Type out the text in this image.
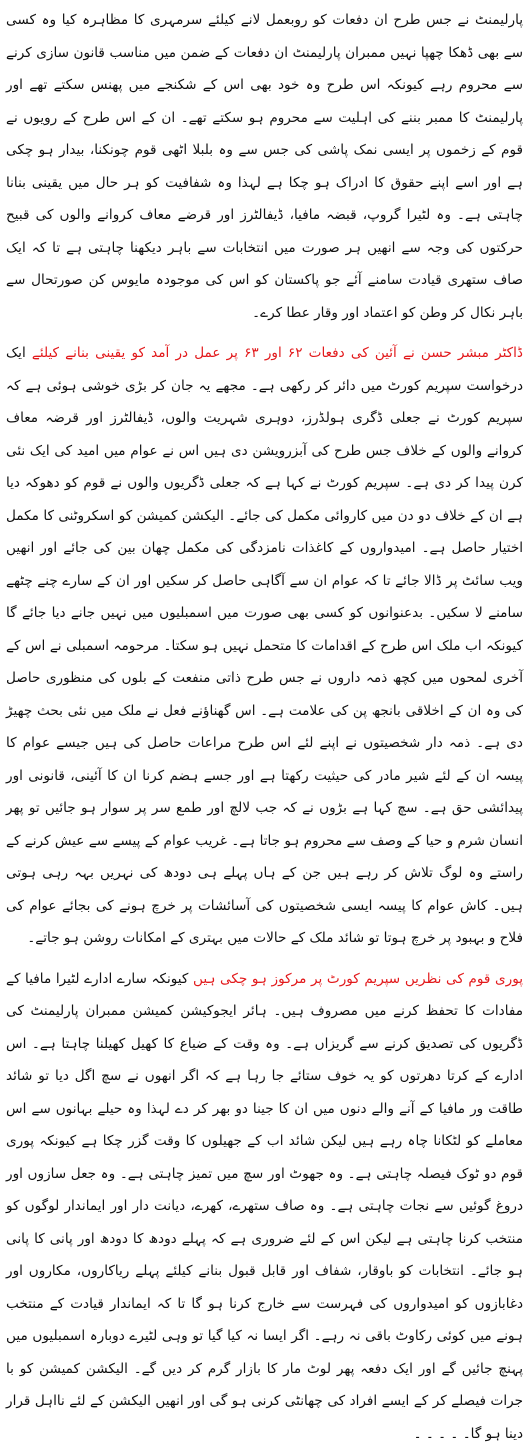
پارلیمنٹ نے جس طرح ان دفعات کو روبعمل لانے کیلئے سرمہری کا مظاہرہ کیا وہ کسی سے بھی ڈھکا چھپا نہیں ممبران پارلیمنٹ ان دفعات کے ضمن میں مناسب قانون سازی کرنے سے محروم رہے کیونکہ اس طرح وہ خود بھی اس کے شکنجے میں پھنس سکتے تھے اور پارلیمنٹ کا ممبر بننے کی اہلیت سے محروم ہو سکتے تھے۔ ان کے اس طرح کے رویوں نے قوم کے زخموں پر ایسی نمک پاشی کی جس سے وہ بلبلا اٹھی قوم چونکنا، بیدار ہو چکی ہے اور اسے اپنے حقوق کا ادراک ہو چکا ہے لہذا وہ شفافیت کو ہر حال میں یقینی بنانا چاہتی ہے۔ وہ لٹیرا گروپ، قبضہ مافیا، ڈیفالٹرز اور قرضے معاف کروانے والوں کی قبیح حرکتوں کی وجہ سے انھیں ہر صورت میں انتخابات سے باہر دیکھنا چاہتی ہے تا کہ ایک صاف ستھری قیادت سامنے آئے جو پاکستان کو اس کی موجودہ مایوس کن صورتحال سے باہر نکال کر وطن کو اعتماد اور وقار عطا کرے۔

ڈاکٹر مبشر حسن نے آئین کی دفعات ۶۲ اور ۶۳ پر عمل در آمد کو یقینی بنانے کیلئے ایک درخواست سپریم کورٹ میں دائر کر رکھی ہے۔ مجھے یہ جان کر بڑی خوشی ہوئی ہے کہ سپریم کورٹ نے جعلی ڈگری ہولڈرز، دوہری شہریت والوں، ڈیفالٹرز اور قرضہ معاف کروانے والوں کے خلاف جس طرح کی آبزرویشن دی ہیں اس نے عوام میں امید کی ایک نئی کرن پیدا کر دی ہے۔ سپریم کورٹ نے کہا ہے کہ جعلی ڈگریوں والوں نے قوم کو دھوکہ دیا ہے ان کے خلاف دو دن میں کاروائی مکمل کی جائے۔ الیکشن کمیشن کو اسکروٹنی کا مکمل اختیار حاصل ہے۔ امیدواروں کے کاغذات نامزدگی کی مکمل چھان بین کی جائے اور انھیں ویب سائٹ پر ڈالا جائے تا کہ عوام ان سے آگاہی حاصل کر سکیں اور ان کے سارے چنے چٹھے سامنے لا سکیں۔ بدعنوانوں کو کسی بھی صورت میں اسمبلیوں میں نہیں جانے دیا جائے گا کیونکہ اب ملک اس طرح کے اقدامات کا متحمل نہیں ہو سکتا۔ مرحومہ اسمبلی نے اس کے آخری لمحوں میں کچھ ذمہ داروں نے جس طرح ذاتی منفعت کے بلوں کی منظوری حاصل کی وہ ان کے اخلاقی بانجھ پن کی علامت ہے۔ اس گھناؤنے فعل نے ملک میں نئی بحث چھیڑ دی ہے۔ ذمہ دار شخصیتوں نے اپنے لئے اس طرح مراعات حاصل کی ہیں جیسے عوام کا پیسہ ان کے لئے شیر مادر کی حیثیت رکھتا ہے اور جسے ہضم کرنا ان کا آئینی، قانونی اور پیدائشی حق ہے۔ سچ کہا ہے بڑوں نے کہ جب لالچ اور طمع سر پر سوار ہو جائیں تو پھر انسان شرم و حیا کے وصف سے محروم ہو جاتا ہے۔ غریب عوام کے پیسے سے عیش کرنے کے راستے وہ لوگ تلاش کر رہے ہیں جن کے ہاں پہلے ہی دودھ کی نہریں بہہ رہی ہوتی ہیں۔ کاش عوام کا پیسہ ایسی شخصیتوں کی آسائشات پر خرچ ہونے کی بجائے عوام کی فلاح و بہبود پر خرچ ہوتا تو شائد ملک کے حالات میں بہتری کے امکانات روشن ہو جاتے۔

پوری قوم کی نظریں سپریم کورٹ پر مرکوز ہو چکی ہیں کیونکہ سارے ادارے لٹیرا مافیا کے مفادات کا تحفظ کرنے میں مصروف ہیں۔ ہائر ایجوکیشن کمیشن ممبران پارلیمنٹ کی ڈگریوں کی تصدیق کرنے سے گریزاں ہے۔ وہ وقت کے ضیاع کا کھیل کھیلنا چاہتا ہے۔ اس ادارے کے کرتا دھرتوں کو یہ خوف ستائے جا رہا ہے کہ اگر انھوں نے سچ اگل دیا تو شائد طاقت ور مافیا کے آنے والے دنوں میں ان کا جینا دو بھر کر دے لہذا وہ حیلے بہانوں سے اس معاملے کو لٹکانا چاہ رہے ہیں لیکن شائد اب کے جھیلوں کا وقت گزر چکا ہے کیونکہ پوری قوم دو ٹوک فیصلہ چاہتی ہے۔ وہ جھوٹ اور سچ میں تمیز چاہتی ہے۔ وہ جعل سازوں اور دروغ گوئیں سے نجات چاہتی ہے۔ وہ صاف ستھرے، کھرے، دیانت دار اور ایماندار لوگوں کو منتخب کرنا چاہتی ہے لیکن اس کے لئے ضروری ہے کہ پہلے دودھ کا دودھ اور پانی کا پانی ہو جائے۔ انتخابات کو باوقار، شفاف اور قابل قبول بنانے کیلئے پہلے ریاکاروں، مکاروں اور دغابازوں کو امیدواروں کی فہرست سے خارج کرنا ہو گا تا کہ ایماندار قیادت کے منتخب ہونے میں کوئی رکاوٹ باقی نہ رہے۔ اگر ایسا نہ کیا گیا تو وہی لٹیرے دوبارہ اسمبلیوں میں پہنچ جائیں گے اور ایک دفعہ پھر لوٹ مار کا بازار گرم کر دیں گے۔ الیکشن کمیشن کو با جرات فیصلے کر کے ایسے افراد کی چھانٹی کرنی ہو گی اور انھیں الیکشن کے لئے نااہل قرار دینا ہو گا۔ ۔ ۔ ۔ ۔
